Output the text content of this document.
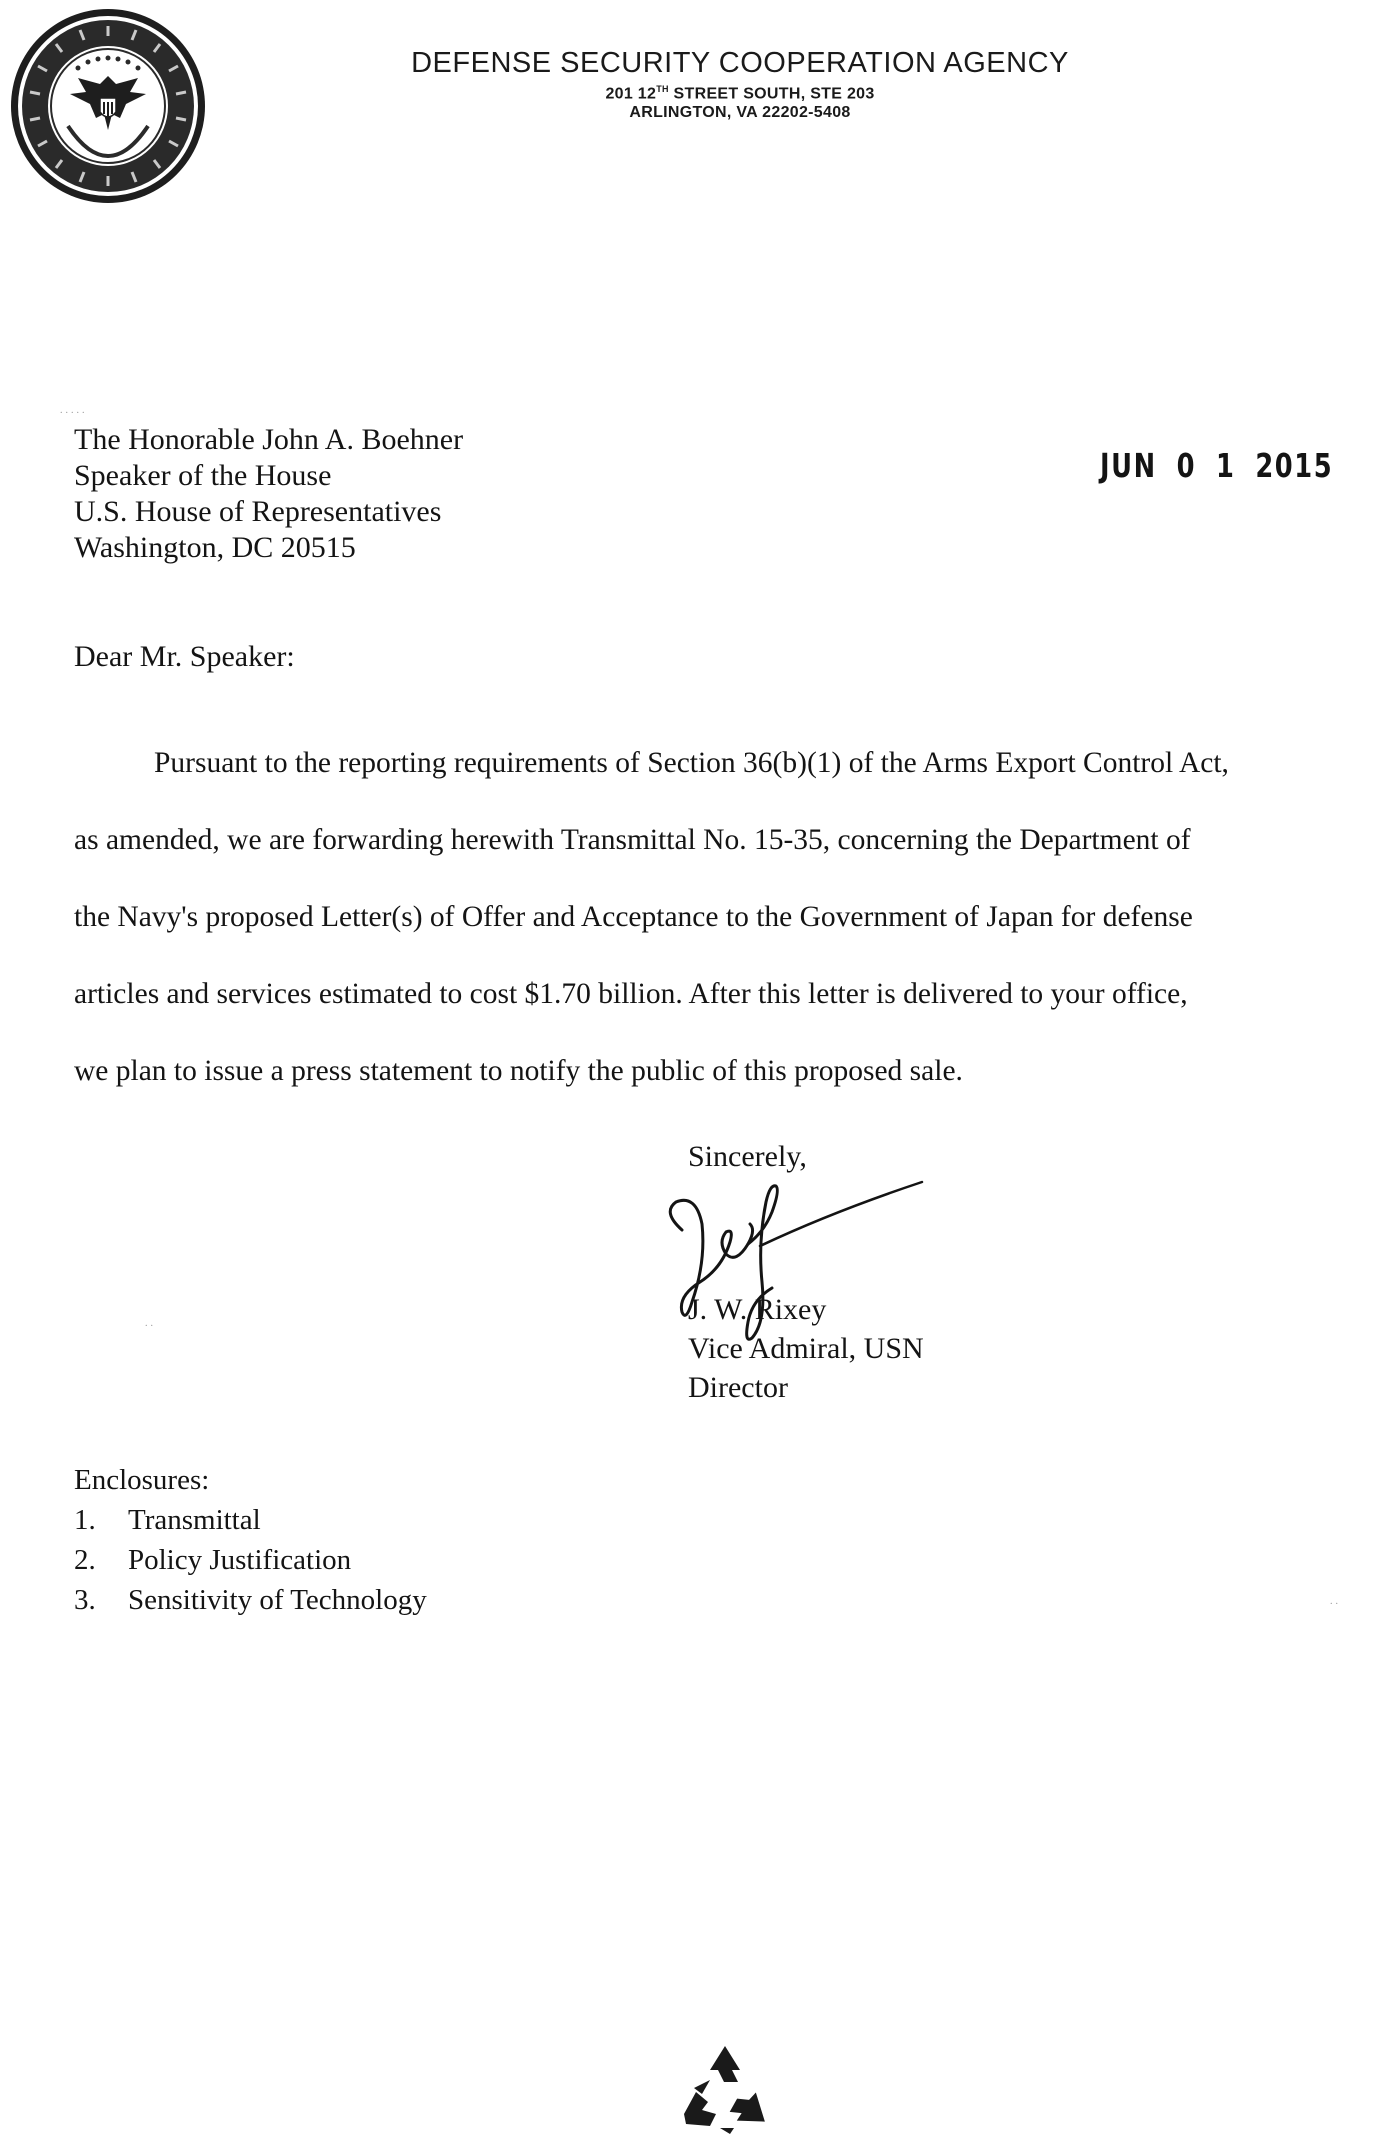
DEFENSE SECURITY COOPERATION AGENCY
201 12TH STREET SOUTH, STE 203
ARLINGTON, VA 22202-5408
.....
..
..
The Honorable John A. Boehner
Speaker of the House
U.S. House of Representatives
Washington, DC 20515
JUN 0 1 2015
Dear Mr. Speaker:
Pursuant to the reporting requirements of Section 36(b)(1) of the Arms Export Control Act,
as amended, we are forwarding herewith Transmittal No. 15-35, concerning the Department of
the Navy's proposed Letter(s) of Offer and Acceptance to the Government of Japan for defense
articles and services estimated to cost $1.70 billion. After this letter is delivered to your office,
we plan to issue a press statement to notify the public of this proposed sale.
Sincerely,
J. W. Rixey
Vice Admiral, USN
Director
Enclosures:
1. Transmittal
2. Policy Justification
3. Sensitivity of Technology
